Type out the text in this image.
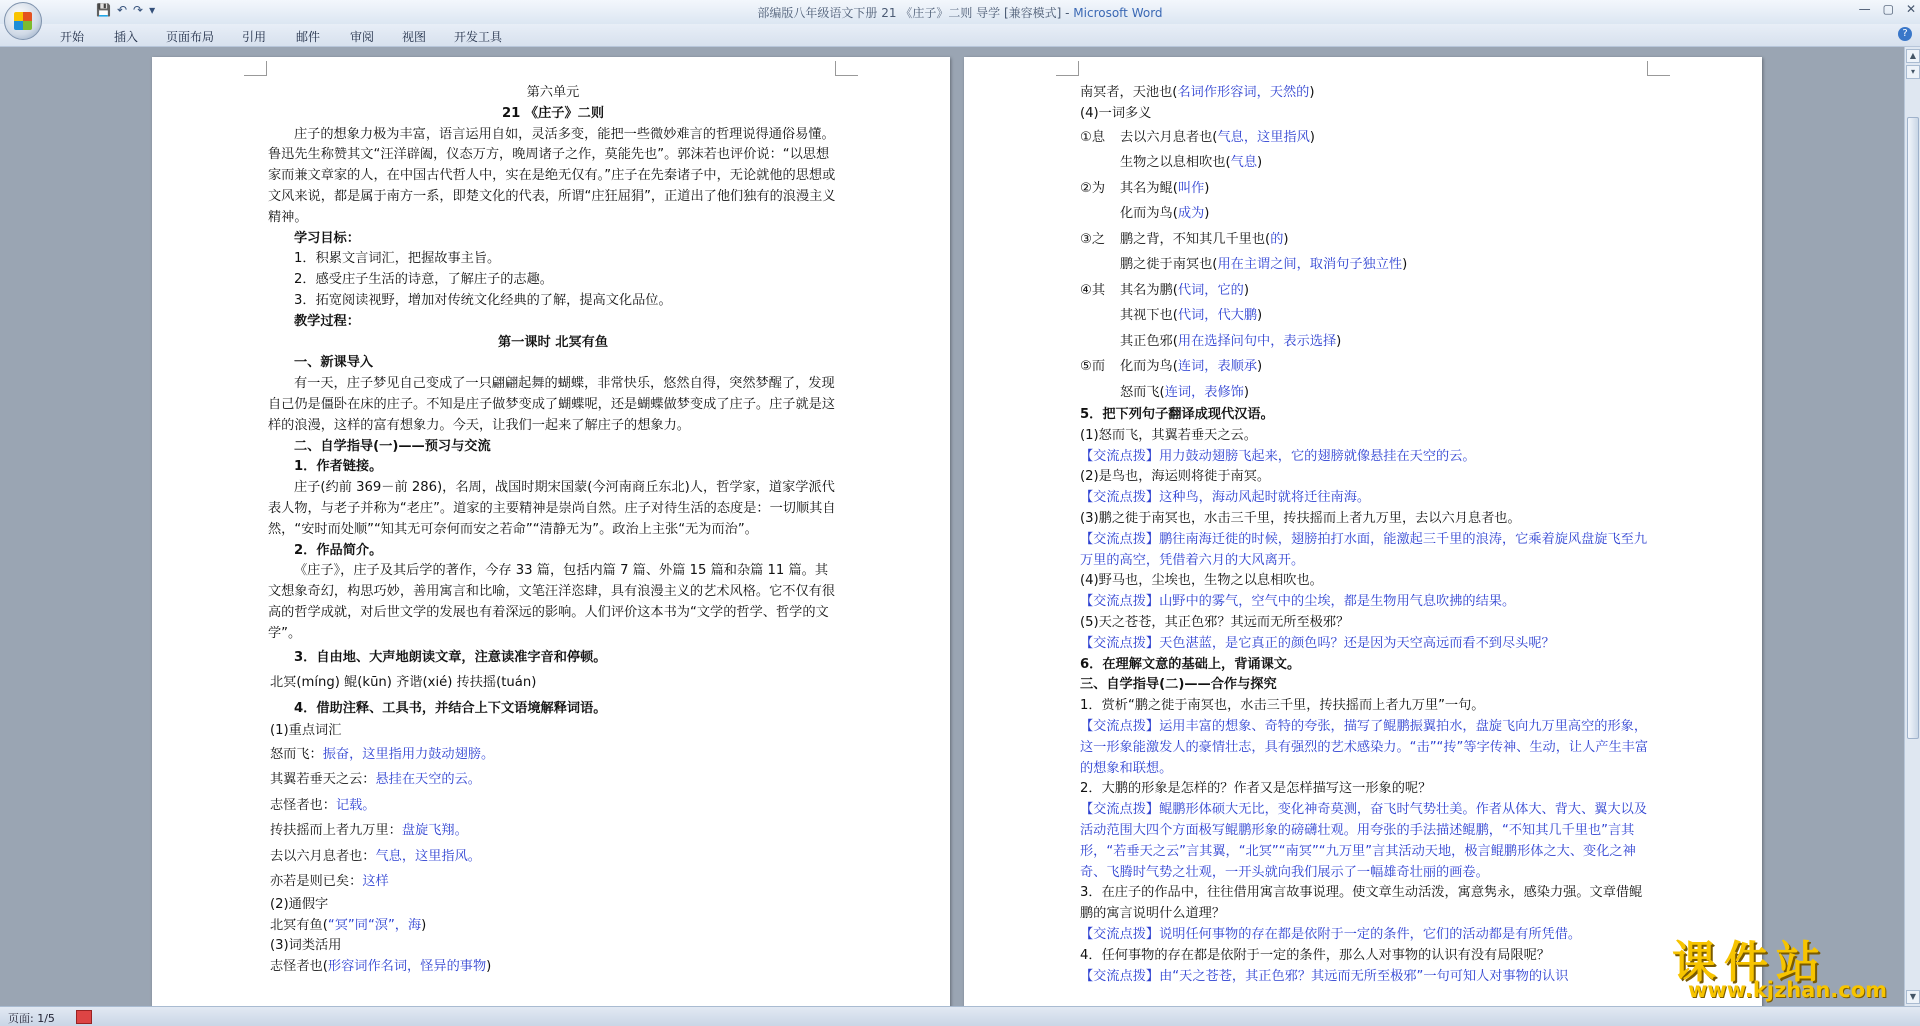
💾 ↶ ↷ ▾	部编版八年级语文下册 21 《庄子》二则 导学 [兼容模式] - Microsoft Word	— ▢ ✕
开始 插入 页面布局 引用 邮件 审阅 视图 开发工具	?

第六单元

21 《庄子》二则

庄子的想象力极为丰富，语言运用自如，灵活多变，能把一些微妙难言的哲理说得通俗易懂。鲁迅先生称赞其文“汪洋辟阖，仪态万方，晚周诸子之作，莫能先也”。郭沫若也评价说：“以思想家而兼文章家的人，在中国古代哲人中，实在是绝无仅有。”庄子在先秦诸子中，无论就他的思想或文风来说，都是属于南方一系，即楚文化的代表，所谓“庄狂屈狷”，正道出了他们独有的浪漫主义精神。

学习目标：

1．积累文言词汇，把握故事主旨。

2．感受庄子生活的诗意，了解庄子的志趣。

3．拓宽阅读视野，增加对传统文化经典的了解，提高文化品位。

教学过程：

第一课时 北冥有鱼

一、新课导入

有一天，庄子梦见自己变成了一只翩翩起舞的蝴蝶，非常快乐，悠然自得，突然梦醒了，发现自己仍是僵卧在床的庄子。不知是庄子做梦变成了蝴蝶呢，还是蝴蝶做梦变成了庄子。庄子就是这样的浪漫，这样的富有想象力。今天，让我们一起来了解庄子的想象力。

二、自学指导(一)——预习与交流

1．作者链接。

庄子(约前 369－前 286)，名周，战国时期宋国蒙(今河南商丘东北)人，哲学家，道家学派代表人物，与老子并称为“老庄”。道家的主要精神是崇尚自然。庄子对待生活的态度是：一切顺其自然，“安时而处顺”“知其无可奈何而安之若命”“清静无为”。政治上主张“无为而治”。

2．作品简介。

《庄子》，庄子及其后学的著作，今存 33 篇，包括内篇 7 篇、外篇 15 篇和杂篇 11 篇。其文想象奇幻，构思巧妙，善用寓言和比喻，文笔汪洋恣肆，具有浪漫主义的艺术风格。它不仅有很高的哲学成就，对后世文学的发展也有着深远的影响。人们评价这本书为“文学的哲学、哲学的文学”。

3．自由地、大声地朗读文章，注意读准字音和停顿。

北冥(míng) 鲲(kūn) 齐谐(xié) 抟扶摇(tuán)

4．借助注释、工具书，并结合上下文语境解释词语。

(1)重点词汇

怒而飞：振奋，这里指用力鼓动翅膀。

其翼若垂天之云：悬挂在天空的云。

志怪者也：记载。

抟扶摇而上者九万里：盘旋飞翔。

去以六月息者也：气息，这里指风。

亦若是则已矣：这样

(2)通假字

北冥有鱼(“冥”同“溟”，海)

(3)词类活用

志怪者也(形容词作名词，怪异的事物)

南冥者，天池也(名词作形容词，天然的)

(4)一词多义

①息 去以六月息者也(气息，这里指风)

生物之以息相吹也(气息)

②为 其名为鲲(叫作)

化而为鸟(成为)

③之 鹏之背，不知其几千里也(的)

鹏之徙于南冥也(用在主谓之间，取消句子独立性)

④其 其名为鹏(代词，它的)

其视下也(代词，代大鹏)

其正色邪(用在选择问句中，表示选择)

⑤而 化而为鸟(连词，表顺承)

怒而飞(连词，表修饰)

5．把下列句子翻译成现代汉语。

(1)怒而飞，其翼若垂天之云。

【交流点拨】用力鼓动翅膀飞起来，它的翅膀就像悬挂在天空的云。

(2)是鸟也，海运则将徙于南冥。

【交流点拨】这种鸟，海动风起时就将迁往南海。

(3)鹏之徙于南冥也，水击三千里，抟扶摇而上者九万里，去以六月息者也。

【交流点拨】鹏往南海迁徙的时候，翅膀拍打水面，能激起三千里的浪涛，它乘着旋风盘旋飞至九万里的高空，凭借着六月的大风离开。

(4)野马也，尘埃也，生物之以息相吹也。

【交流点拨】山野中的雾气，空气中的尘埃，都是生物用气息吹拂的结果。

(5)天之苍苍，其正色邪？其远而无所至极邪？

【交流点拨】天色湛蓝，是它真正的颜色吗？还是因为天空高远而看不到尽头呢？

6．在理解文意的基础上，背诵课文。

三、自学指导(二)——合作与探究

1．赏析“鹏之徙于南冥也，水击三千里，抟扶摇而上者九万里”一句。

【交流点拨】运用丰富的想象、奇特的夸张，描写了鲲鹏振翼拍水，盘旋飞向九万里高空的形象，这一形象能激发人的豪情壮志，具有强烈的艺术感染力。“击”“抟”等字传神、生动，让人产生丰富的想象和联想。

2．大鹏的形象是怎样的？作者又是怎样描写这一形象的呢？

【交流点拨】鲲鹏形体硕大无比，变化神奇莫测，奋飞时气势壮美。作者从体大、背大、翼大以及活动范围大四个方面极写鲲鹏形象的磅礴壮观。用夸张的手法描述鲲鹏，“不知其几千里也”言其形，“若垂天之云”言其翼，“北冥”“南冥”“九万里”言其活动天地，极言鲲鹏形体之大、变化之神奇、飞腾时气势之壮观，一开头就向我们展示了一幅雄奇壮丽的画卷。

3．在庄子的作品中，往往借用寓言故事说理。使文章生动活泼，寓意隽永，感染力强。文章借鲲鹏的寓言说明什么道理？

【交流点拨】说明任何事物的存在都是依附于一定的条件，它们的活动都是有所凭借。

4．任何事物的存在都是依附于一定的条件，那么人对事物的认识有没有局限呢？

【交流点拨】由“天之苍苍，其正色邪？其远而无所至极邪”一句可知人对事物的认识

▲
▾
▼
页面: 1/5
课件站
www.kjzhan.com
